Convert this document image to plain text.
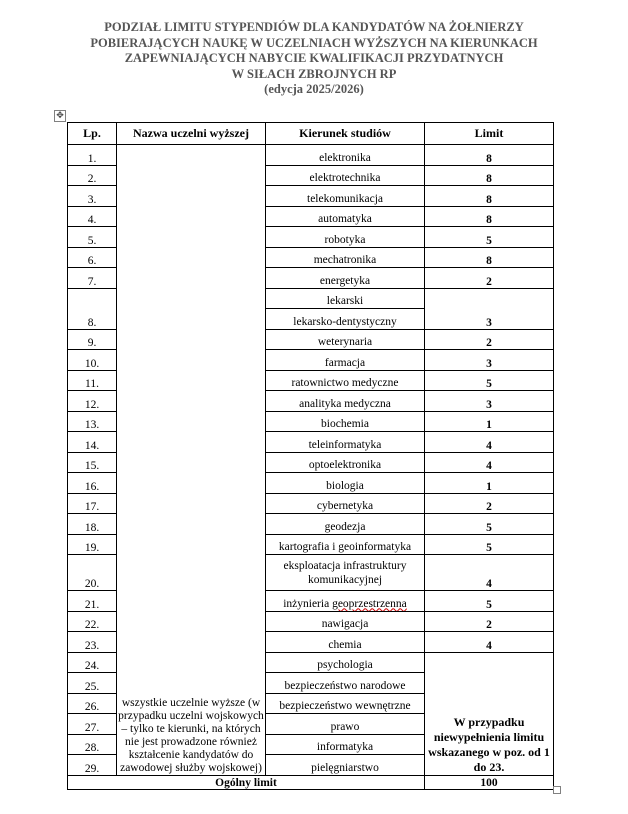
PODZIAŁ LIMITU STYPENDIÓW DLA KANDYDATÓW NA ŻOŁNIERZY
POBIERAJĄCYCH NAUKĘ W UCZELNIACH WYŻSZYCH NA KIERUNKACH
ZAPEWNIAJĄCYCH NABYCIE KWALIFIKACJI PRZYDATNYCH
W SIŁACH ZBROJNYCH RP
(edycja 2025/2026)
✥
Lp.	Nazwa uczelni wyższej	Kierunek studiów	Limit
1.	wszystkie uczelnie wyższe (w przypadku uczelni wojskowych – tylko te kierunki, na których nie jest prowadzone również kształcenie kandydatów do zawodowej służby wojskowej)	elektronika	8
2.		elektrotechnika	8
3.		telekomunikacja	8
4.		automatyka	8
5.		robotyka	5
6.		mechatronika	8
7.		energetyka	2
8.		lekarski	3
		lekarsko-dentystyczny	
9.		weterynaria	2
10.		farmacja	3
11.		ratownictwo medyczne	5
12.		analityka medyczna	3
13.		biochemia	1
14.		teleinformatyka	4
15.		optoelektronika	4
16.		biologia	1
17.		cybernetyka	2
18.		geodezja	5
19.		kartografia i geoinformatyka	5
20.		eksploatacja infrastruktury komunikacyjnej	4
21.		inżynieria geoprzestrzenna	5
22.		nawigacja	2
23.		chemia	4
24.		psychologia	W przypadku niewypełnienia limitu wskazanego w poz. od 1 do 23.
25.		bezpieczeństwo narodowe	
26.		bezpieczeństwo wewnętrzne	
27.		prawo	
28.		informatyka	
29.		pielęgniarstwo	
Ogólny limit			100
